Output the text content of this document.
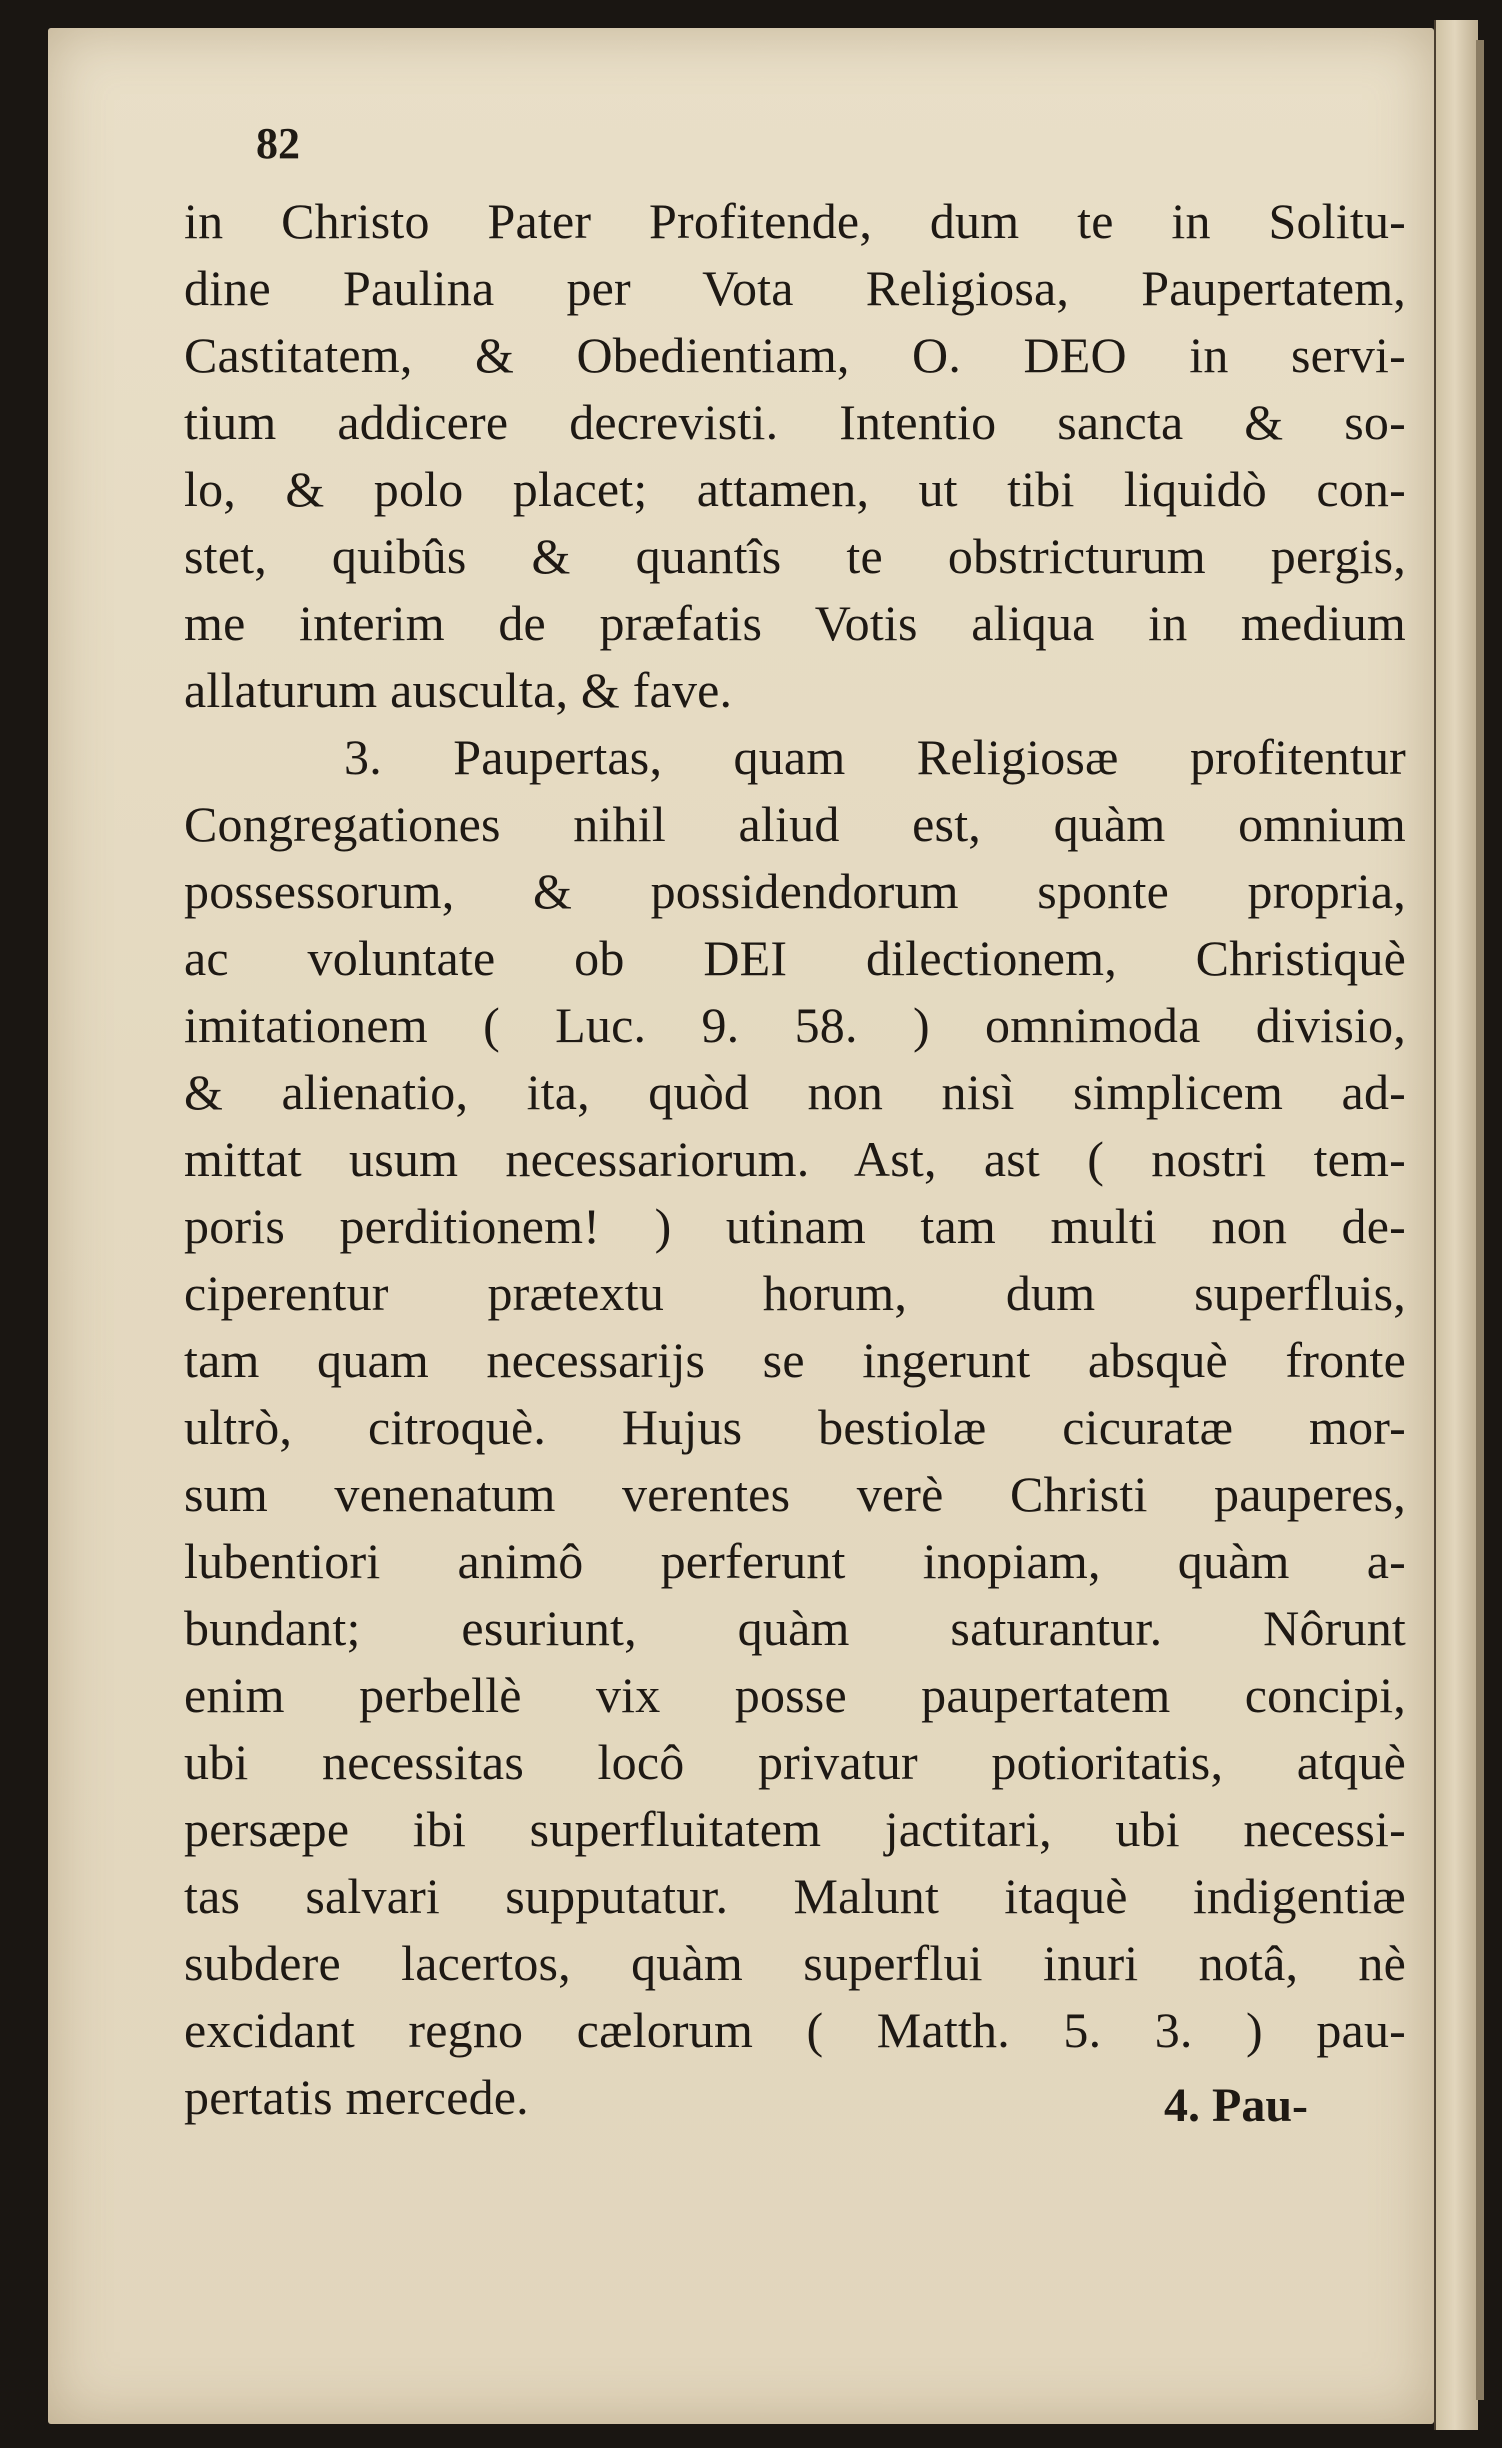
82
in Christo Pater Profitende, dum te in Solitu-
dine Paulina per Vota Religiosa, Paupertatem,
Castitatem, & Obedientiam, O. DEO in servi-
tium addicere decrevisti. Intentio sancta & so-
lo, & polo placet; attamen, ut tibi liquidò con-
stet, quibûs & quantîs te obstricturum pergis,
me interim de præfatis Votis aliqua in medium
allaturum ausculta, & fave.
3. Paupertas, quam Religiosæ profitentur
Congregationes nihil aliud est, quàm omnium
possessorum, & possidendorum sponte propria,
ac voluntate ob DEI dilectionem, Christiquè
imitationem ( Luc. 9. 58. ) omnimoda divisio,
& alienatio, ita, quòd non nisì simplicem ad-
mittat usum necessariorum. Ast, ast ( nostri tem-
poris perditionem! ) utinam tam multi non de-
ciperentur prætextu horum, dum superfluis,
tam quam necessarijs se ingerunt absquè fronte
ultrò, citroquè. Hujus bestiolæ cicuratæ mor-
sum venenatum verentes verè Christi pauperes,
lubentiori animô perferunt inopiam, quàm a-
bundant; esuriunt, quàm saturantur. Nôrunt
enim perbellè vix posse paupertatem concipi,
ubi necessitas locô privatur potioritatis, atquè
persæpe ibi superfluitatem jactitari, ubi necessi-
tas salvari supputatur. Malunt itaquè indigentiæ
subdere lacertos, quàm superflui inuri notâ, nè
excidant regno cælorum ( Matth. 5. 3. ) pau-
pertatis mercede.	4. Pau-
